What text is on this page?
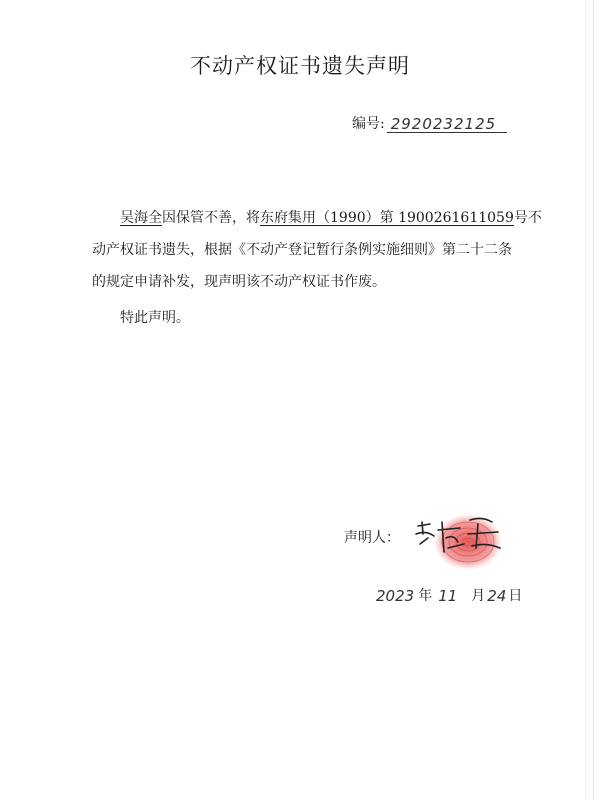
不动产权证书遗失声明
编号: 2920232125
吴海全因保管不善，将东府集用（1990）第 1900261611059号不
动产权证书遗失，根据《不动产登记暂行条例实施细则》第二十二条
的规定申请补发，现声明该不动产权证书作废。
特此声明。
声明人：
吴海全
2023 年 11 月 24 日
